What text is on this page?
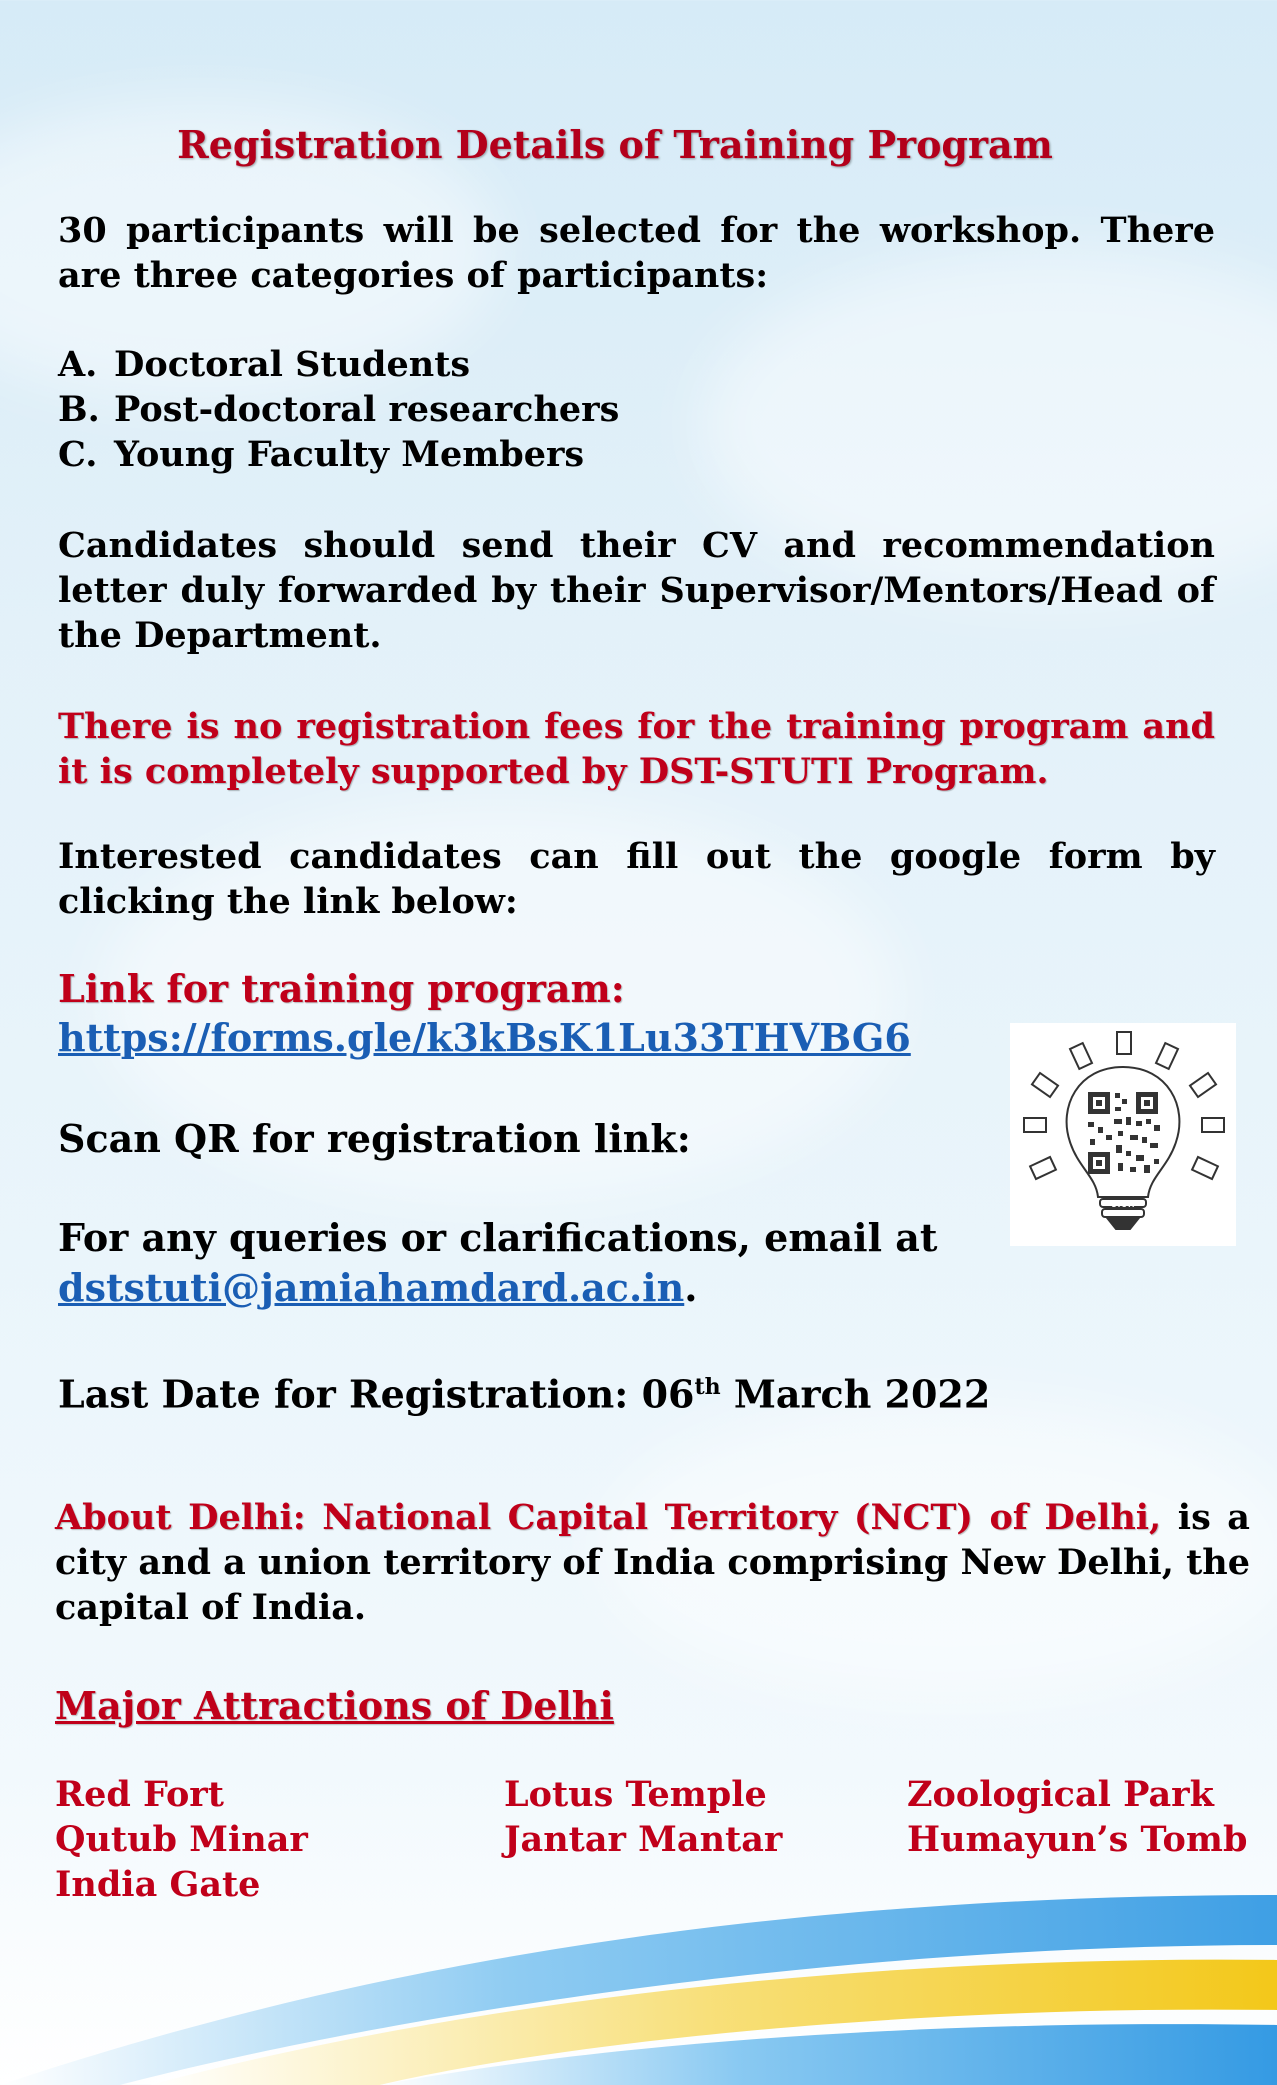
Registration Details of Training Program

30 participants will be selected for the workshop. There

are three categories of participants:

A. Doctoral Students
B. Post-doctoral researchers
C. Young Faculty Members

Candidates should send their CV and recommendation

letter duly forwarded by their Supervisor/Mentors/Head of

the Department.

There is no registration fees for the training program and

it is completely supported by DST-STUTI Program.

Interested candidates can fill out the google form by

clicking the link below:

Link for training program:

https://forms.gle/k3kBsK1Lu33THVBG6

Scan QR for registration link:

For any queries or clarifications, email at

dststuti@jamiahamdard.ac.in.

Last Date for Registration: 06th March 2022

About Delhi: National Capital Territory (NCT) of Delhi, is a

city and a union territory of India comprising New Delhi, the

capital of India.

Major Attractions of Delhi

Red Fort
Qutub Minar
India Gate
Lotus Temple
Jantar Mantar
Zoological Park
Humayun’s Tomb
STUTI
